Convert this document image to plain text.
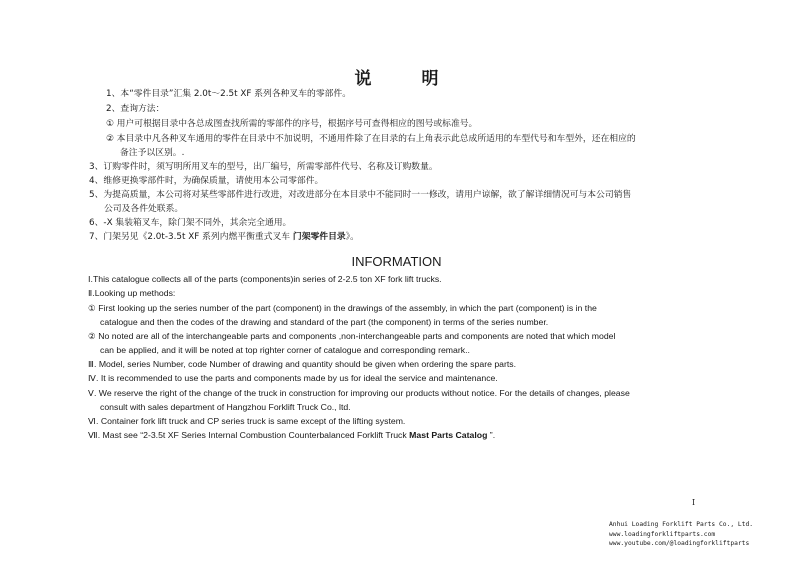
说 明
1、本“零件目录”汇集 2.0t～2.5t XF 系列各种叉车的零部件。
2、查询方法：
① 用户可根据目录中各总成图查找所需的零部件的序号，根据序号可查得相应的图号或标准号。
② 本目录中凡各种叉车通用的零件在目录中不加说明，不通用件除了在目录的右上角表示此总成所适用的车型代号和车型外，还在相应的
备注予以区别。.
3、订购零件时，须写明所用叉车的型号，出厂编号，所需零部件代号、名称及订购数量。
4、维修更换零部件时，为确保质量，请使用本公司零部件。
5、为提高质量，本公司将对某些零部件进行改进，对改进部分在本目录中不能同时一一修改，请用户谅解，欲了解详细情况可与本公司销售
公司及各件处联系。
6、-X 集装箱叉车，除门架不同外，其余完全通用。
7、门架另见《2.0t-3.5t XF 系列内燃平衡重式叉车 门架零件目录》。
INFORMATION
Ⅰ.This catalogue collects all of the parts (components)in series of 2-2.5 ton XF fork lift trucks.
Ⅱ.Looking up methods:
① First looking up the series number of the part (component) in the drawings of the assembly, in which the part (component) is in the
catalogue and then the codes of the drawing and standard of the part (the component) in terms of the series number.
② No noted are all of the interchangeable parts and components ,non-interchangeable parts and components are noted that which model
can be applied, and it will be noted at top righter corner of catalogue and corresponding remark..
Ⅲ. Model, series Number, code Number of drawing and quantity should be given when ordering the spare parts.
Ⅳ. It is recommended to use the parts and components made by us for ideal the service and maintenance.
Ⅴ. We reserve the right of the change of the truck in construction for improving our products without notice. For the details of changes, please
consult with sales department of Hangzhou Forklift Truck Co., ltd.
Ⅵ. Container fork lift truck and CP series truck is same except of the lifting system.
Ⅶ. Mast see “2-3.5t XF Series Internal Combustion Counterbalanced Forklift Truck Mast Parts Catalog ”.
I
Anhui Loading Forklift Parts Co., Ltd.
www.loadingforkliftparts.com
www.youtube.com/@loadingforkliftparts
